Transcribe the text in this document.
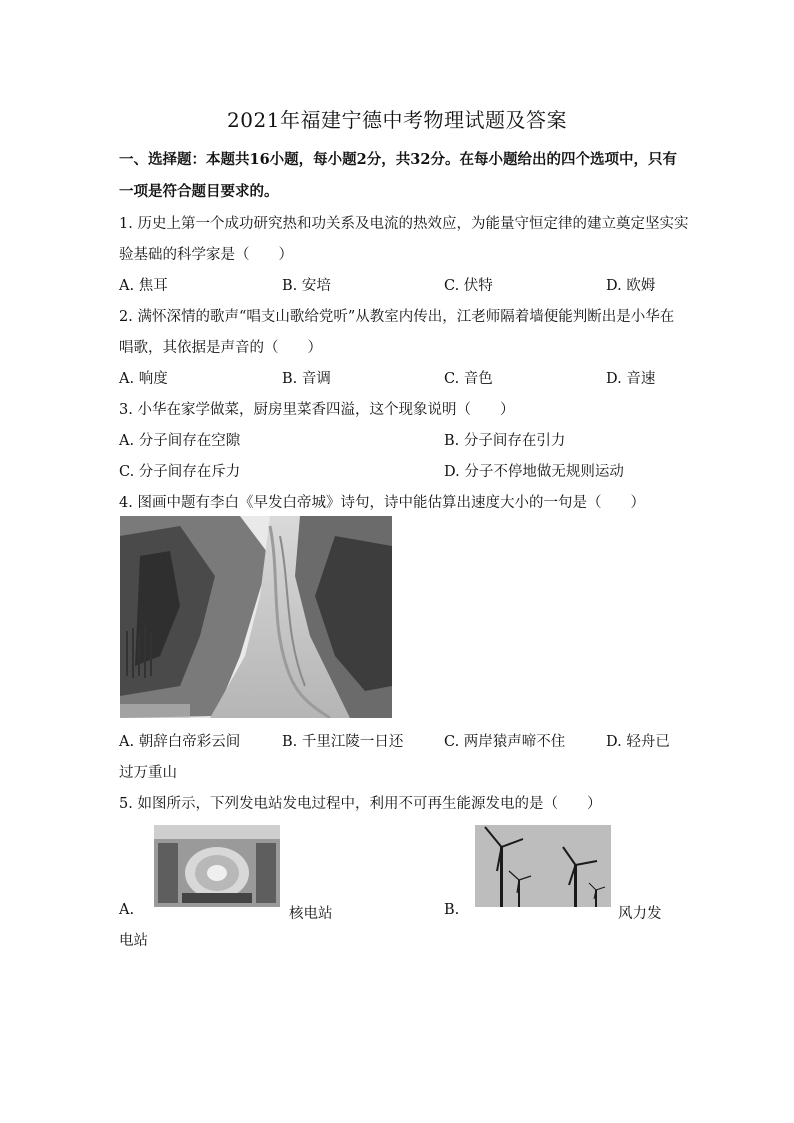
2021年福建宁德中考物理试题及答案
一、选择题：本题共16小题，每小题2分，共32分。在每小题给出的四个选项中，只有
一项是符合题目要求的。
1. 历史上第一个成功研究热和功关系及电流的热效应，为能量守恒定律的建立奠定坚实实
验基础的科学家是（　　）
A. 焦耳	B. 安培	C. 伏特	D. 欧姆
2. 满怀深情的歌声“唱支山歌给党听”从教室内传出，江老师隔着墙便能判断出是小华在
唱歌，其依据是声音的（　　）
A. 响度	B. 音调	C. 音色	D. 音速
3. 小华在家学做菜，厨房里菜香四溢，这个现象说明（　　）
A. 分子间存在空隙	B. 分子间存在引力
C. 分子间存在斥力	D. 分子不停地做无规则运动
4. 图画中题有李白《早发白帝城》诗句，诗中能估算出速度大小的一句是（　　）
A. 朝辞白帝彩云间	B. 千里江陵一日还	C. 两岸猿声啼不住	D. 轻舟已
过万重山
5. 如图所示，下列发电站发电过程中，利用不可再生能源发电的是（　　）
A.	核电站	B.	风力发
电站
